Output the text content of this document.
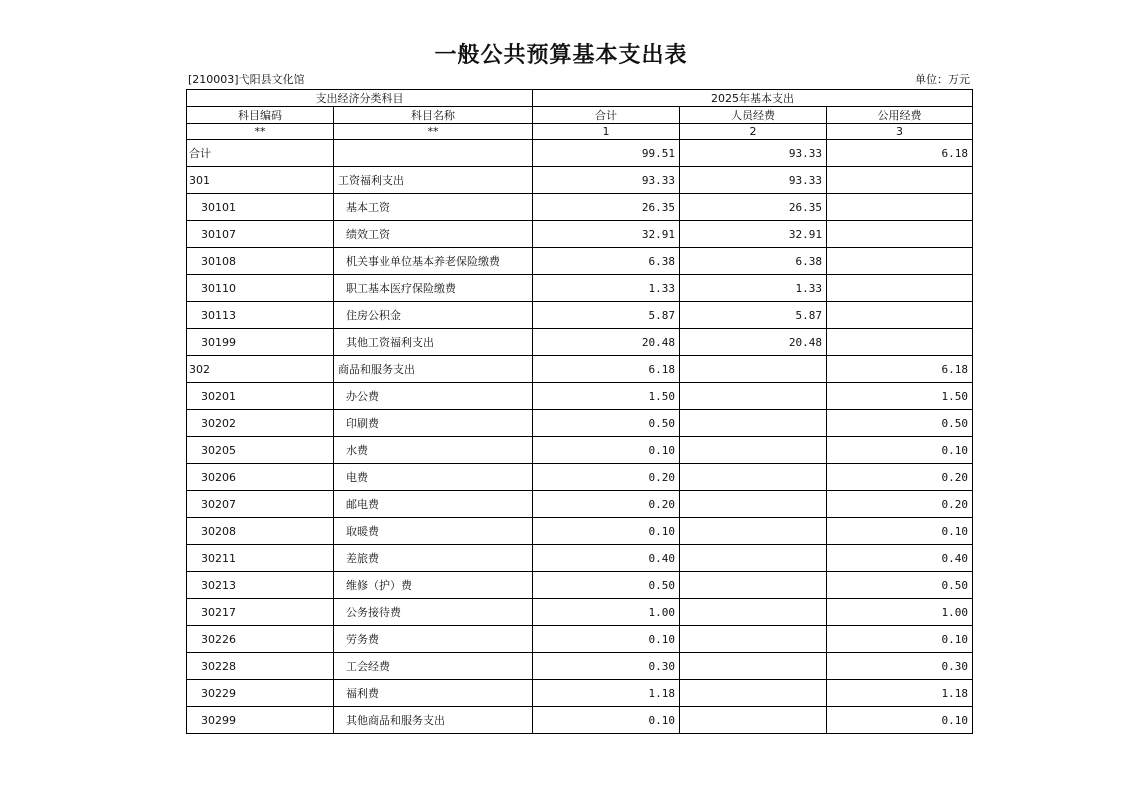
一般公共预算基本支出表
[210003]弋阳县文化馆	单位：万元
支出经济分类科目		2025年基本支出		
科目编码	科目名称	合计	人员经费	公用经费
**	**	1	2	3
合计		99.51	93.33	6.18
301	工资福利支出	93.33	93.33	
30101	基本工资	26.35	26.35	
30107	绩效工资	32.91	32.91	
30108	机关事业单位基本养老保险缴费	6.38	6.38	
30110	职工基本医疗保险缴费	1.33	1.33	
30113	住房公积金	5.87	5.87	
30199	其他工资福利支出	20.48	20.48	
302	商品和服务支出	6.18		6.18
30201	办公费	1.50		1.50
30202	印刷费	0.50		0.50
30205	水费	0.10		0.10
30206	电费	0.20		0.20
30207	邮电费	0.20		0.20
30208	取暖费	0.10		0.10
30211	差旅费	0.40		0.40
30213	维修（护）费	0.50		0.50
30217	公务接待费	1.00		1.00
30226	劳务费	0.10		0.10
30228	工会经费	0.30		0.30
30229	福利费	1.18		1.18
30299	其他商品和服务支出	0.10		0.10
